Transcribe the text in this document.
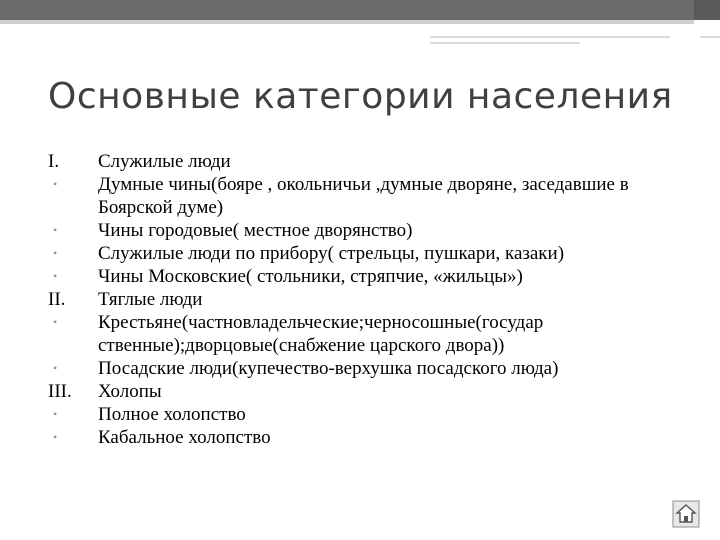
Основные категории населения
I.	Служилые люди
•	Думные чины(бояре , окольничьи ,думные дворяне, заседавшие в Боярской думе)
•	Чины городовые( местное дворянство)
•	Служилые люди по прибору( стрельцы, пушкари, казаки)
•	Чины Московские( стольники, стряпчие, «жильцы»)
II.	Тяглые люди
•	Крестьяне(частновладельческие;черносошные(государ ственные);дворцовые(снабжение царского двора))
•	Посадские люди(купечество-верхушка посадского люда)
III.	Холопы
•	Полное холопство
•	Кабальное холопство
